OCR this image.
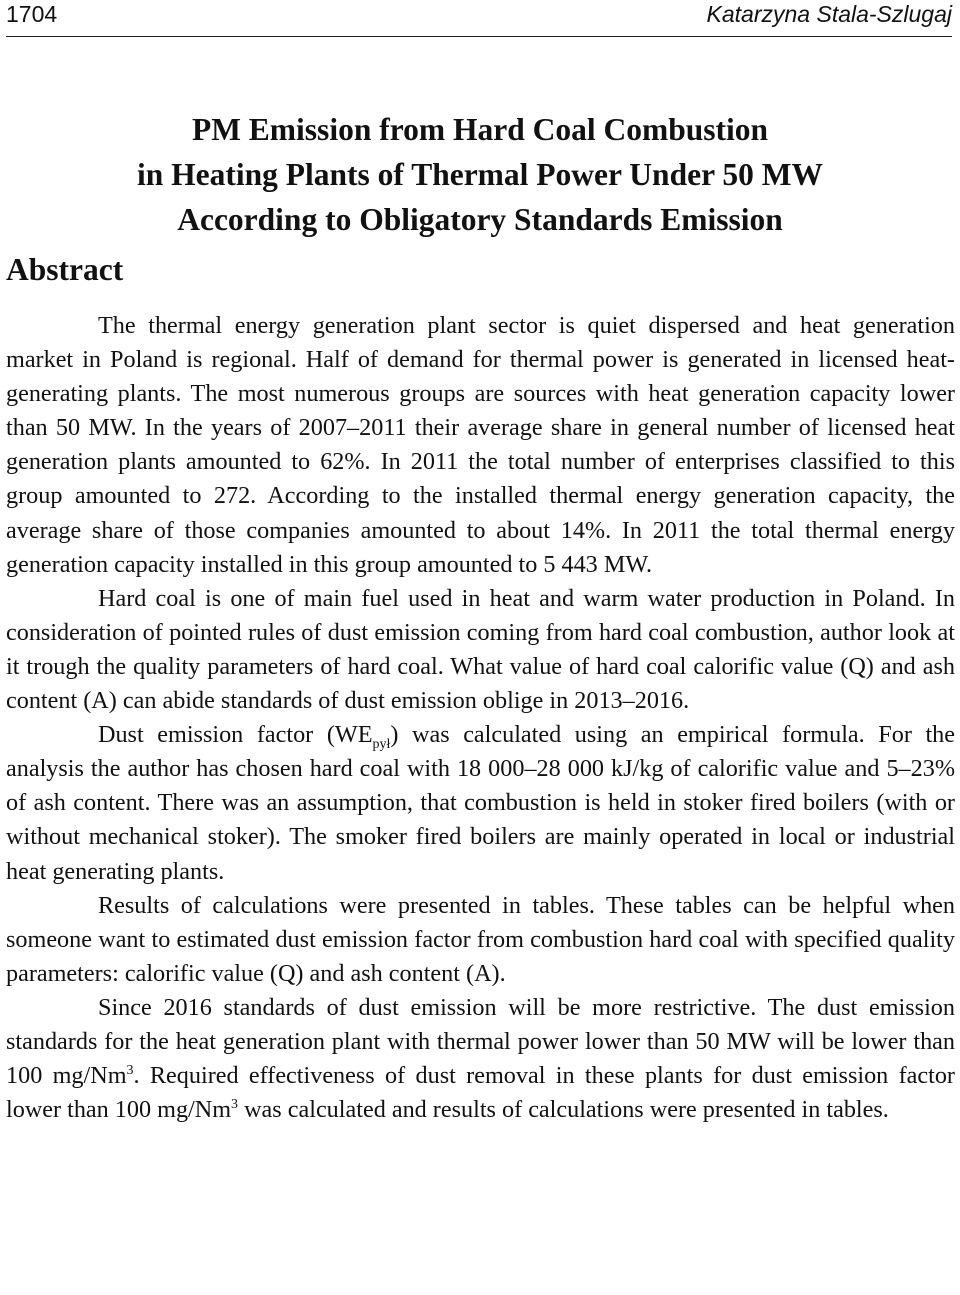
1704	Katarzyna Stala-Szlugaj
PM Emission from Hard Coal Combustion
in Heating Plants of Thermal Power Under 50 MW
According to Obligatory Standards Emission
Abstract

The thermal energy generation plant sector is quiet dispersed and heat generation market in Poland is regional. Half of demand for thermal power is generated in licensed heat-generating plants. The most numerous groups are sources with heat generation capacity lower than 50 MW. In the years of 2007–2011 their average share in general number of licensed heat generation plants amounted to 62%. In 2011 the total number of enterprises classified to this group amounted to 272. According to the installed thermal energy generation capacity, the average share of those companies amounted to about 14%. In 2011 the total thermal energy generation capacity installed in this group amounted to 5 443 MW.

Hard coal is one of main fuel used in heat and warm water production in Poland. In consideration of pointed rules of dust emission coming from hard coal combustion, author look at it trough the quality parameters of hard coal. What value of hard coal calorific value (Q) and ash content (A) can abide standards of dust emission oblige in 2013–2016.

Dust emission factor $(WE_{pył})$ was calculated using an empirical formula. For the analysis the author has chosen hard coal with 18 000–28 000 kJ/kg of calorific value and 5–23% of ash content. There was an assumption, that combustion is held in stoker fired boilers (with or without mechanical stoker). The smoker fired boilers are mainly operated in local or industrial heat generating plants.

Results of calculations were presented in tables. These tables can be helpful when someone want to estimated dust emission factor from combustion hard coal with specified quality parameters: calorific value (Q) and ash content (A).

Since 2016 standards of dust emission will be more restrictive. The dust emission standards for the heat generation plant with thermal power lower than 50 MW will be lower than 100 mg/Nm$^3$. Required effectiveness of dust removal in these plants for dust emission factor lower than 100 mg/Nm$^3$ was calculated and results of calculations were presented in tables.
